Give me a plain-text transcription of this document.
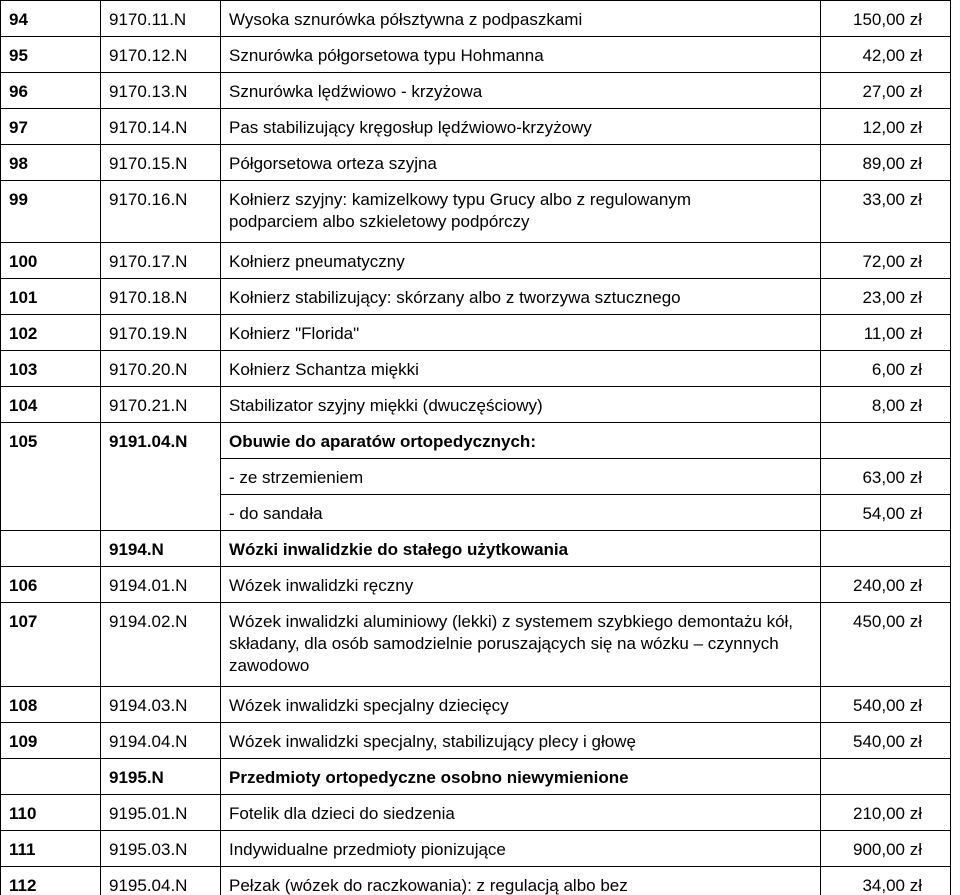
94	9170.11.N	Wysoka sznurówka półsztywna z podpaszkami	150,00 zł
95	9170.12.N	Sznurówka półgorsetowa typu Hohmanna	42,00 zł
96	9170.13.N	Sznurówka lędźwiowo - krzyżowa	27,00 zł
97	9170.14.N	Pas stabilizujący kręgosłup lędźwiowo-krzyżowy	12,00 zł
98	9170.15.N	Półgorsetowa orteza szyjna	89,00 zł
99	9170.16.N	Kołnierz szyjny: kamizelkowy typu Grucy albo z regulowanym podparciem albo szkieletowy podpórczy	33,00 zł
100	9170.17.N	Kołnierz pneumatyczny	72,00 zł
101	9170.18.N	Kołnierz stabilizujący: skórzany albo z tworzywa sztucznego	23,00 zł
102	9170.19.N	Kołnierz "Florida"	11,00 zł
103	9170.20.N	Kołnierz Schantza miękki	6,00 zł
104	9170.21.N	Stabilizator szyjny miękki (dwuczęściowy)	8,00 zł
105	9191.04.N	Obuwie do aparatów ortopedycznych:	
		- ze strzemieniem	63,00 zł
		- do sandała	54,00 zł
	9194.N	Wózki inwalidzkie do stałego użytkowania	
106	9194.01.N	Wózek inwalidzki ręczny	240,00 zł
107	9194.02.N	Wózek inwalidzki aluminiowy (lekki) z systemem szybkiego demontażu kół, składany, dla osób samodzielnie poruszających się na wózku – czynnych zawodowo	450,00 zł
108	9194.03.N	Wózek inwalidzki specjalny dziecięcy	540,00 zł
109	9194.04.N	Wózek inwalidzki specjalny, stabilizujący plecy i głowę	540,00 zł
	9195.N	Przedmioty ortopedyczne osobno niewymienione	
110	9195.01.N	Fotelik dla dzieci do siedzenia	210,00 zł
111	9195.03.N	Indywidualne przedmioty pionizujące	900,00 zł
112	9195.04.N	Pełzak (wózek do raczkowania): z regulacją albo bez	34,00 zł
